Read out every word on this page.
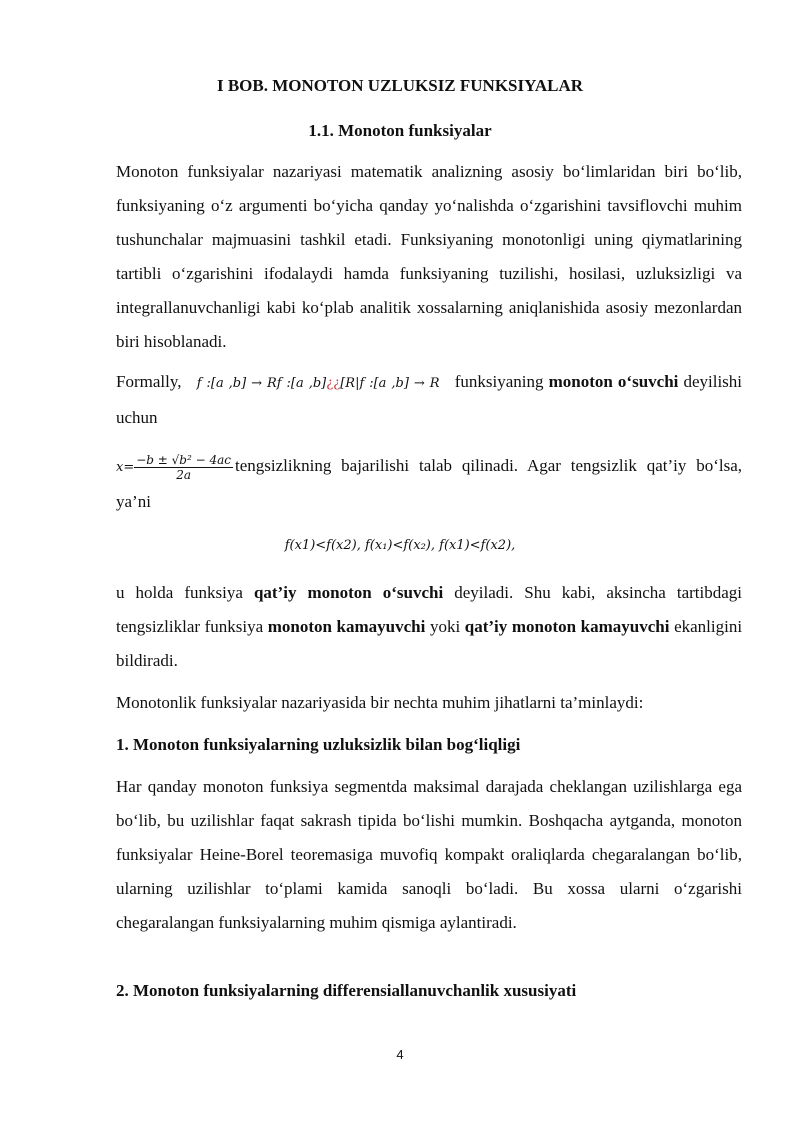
I BOB. MONOTON UZLUKSIZ FUNKSIYALAR
1.1. Monoton funksiyalar

Monoton funksiyalar nazariyasi matematik analizning asosiy bo‘limlaridan biri bo‘lib, funksiyaning o‘z argumenti bo‘yicha qanday yo‘nalishda o‘zgarishini tavsiflovchi muhim tushunchalar majmuasini tashkil etadi. Funksiyaning monotonligi uning qiymatlarining tartibli o‘zgarishini ifodalaydi hamda funksiyaning tuzilishi, hosilasi, uzluksizligi va integrallanuvchanligi kabi ko‘plab analitik xossalarning aniqlanishida asosiy mezonlardan biri hisoblanadi.

Formally, f :[a ,b] → Rf :[a ,b]¿¿[R|f :[a ,b] → R funksiyaning monoton o‘suvchi deyilishi uchun

$x= \frac{\text{−b ± √b² − 4ac}}{2a}$ tengsizlikning bajarilishi talab qilinadi. Agar tengsizlik qat’iy bo‘lsa, ya’ni

f(x1)<f(x2), f(x₁)<f(x₂), f(x1)<f(x2),

u holda funksiya qat’iy monoton o‘suvchi deyiladi. Shu kabi, aksincha tartibdagi tengsizliklar funksiya monoton kamayuvchi yoki qat’iy monoton kamayuvchi ekanligini bildiradi.

Monotonlik funksiyalar nazariyasida bir nechta muhim jihatlarni ta’minlaydi:

1. Monoton funksiyalarning uzluksizlik bilan bog‘liqligi

Har qanday monoton funksiya segmentda maksimal darajada cheklangan uzilishlarga ega bo‘lib, bu uzilishlar faqat sakrash tipida bo‘lishi mumkin. Boshqacha aytganda, monoton funksiyalar Heine-Borel teoremasiga muvofiq kompakt oraliqlarda chegaralangan bo‘lib, ularning uzilishlar to‘plami kamida sanoqli bo‘ladi. Bu xossa ularni o‘zgarishi chegaralangan funksiyalarning muhim qismiga aylantiradi.

2. Monoton funksiyalarning differensiallanuvchanlik xususiyati

4
